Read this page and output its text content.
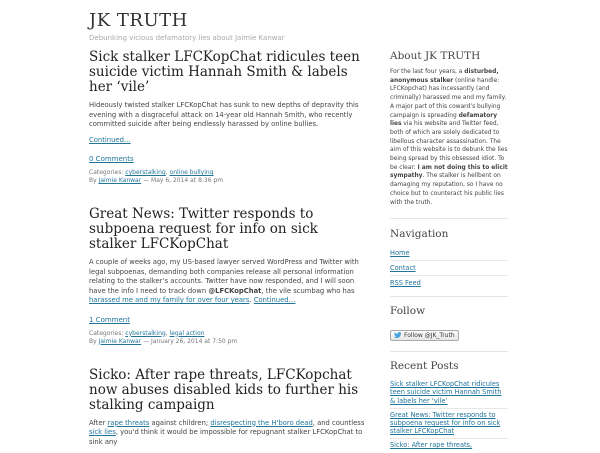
JK TRUTH
Debunking vicious defamatory lies about Jaimie Kanwar
Sick stalker LFCKopChat ridicules teen suicide victim Hannah Smith & labels her ‘vile’

Hideously twisted stalker LFCKopChat has sunk to new depths of depravity this evening with a disgraceful attack on 14-year old Hannah Smith, who recently committed suicide after being endlessly harassed by online bullies.

Continued…

0 Comments
Categories: cyberstalking, online bullying
By Jaimie Kanwar — May 6, 2014 at 8:36 pm
Great News: Twitter responds to subpoena request for info on sick stalker LFCKopChat

A couple of weeks ago, my US-based lawyer served WordPress and Twitter with legal subpoenas, demanding both companies release all personal information relating to the stalker’s accounts. Twitter have now responded, and I will soon have the info I need to track down @LFCKopChat, the vile scumbag who has harassed me and my family for over four years. Continued…

1 Comment
Categories: cyberstalking, legal action
By Jaimie Kanwar — January 26, 2014 at 7:50 pm
Sicko: After rape threats, LFCKopchat now abuses disabled kids to further his stalking campaign

After rape threats against children; disrespecting the H'boro dead, and countless sick lies, you'd think it would be impossible for repugnant stalker LFCKopChat to sink any

About JK TRUTH

For the last four years, a disturbed, anonymous stalker (online handle: LFCKopchat) has incessantly (and criminally) harassed me and my family. A major part of this coward’s bullying campaign is spreading defamatory lies via his website and Twitter feed, both of which are solely dedicated to libellous character assassination. The aim of this website is to debunk the lies being spread by this obsessed idiot. To be clear: I am not doing this to elicit sympathy. The stalker is hellbent on damaging my reputation, so I have no choice but to counteract his public lies with the truth.

Navigation
Home
Contact
RSS Feed
Follow
Follow @JK_Truth
Recent Posts
Sick stalker LFCKopChat ridicules teen suicide victim Hannah Smith & labels her ‘vile’
Great News: Twitter responds to subpoena request for info on sick stalker LFCKopChat
Sicko: After rape threats,
